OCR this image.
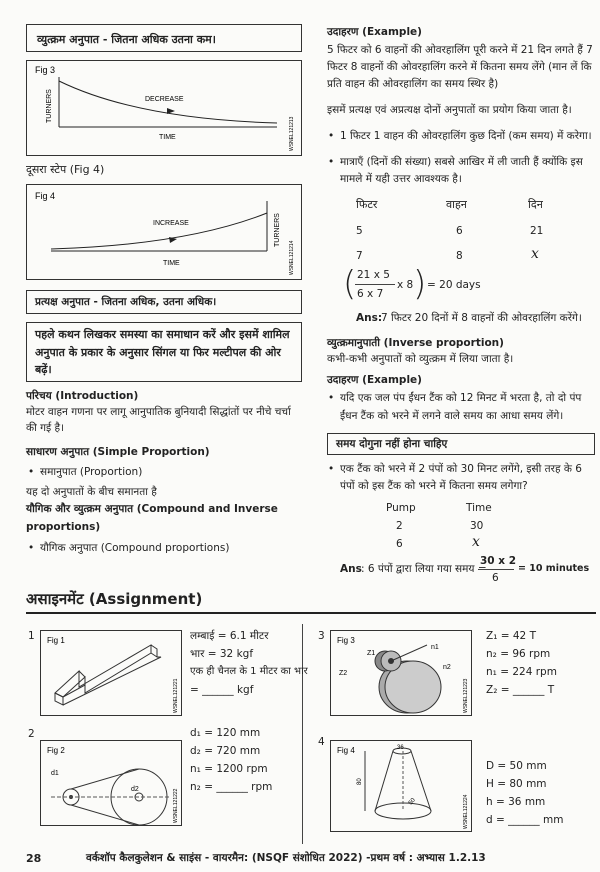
व्युत्क्रम अनुपात - जितना अधिक उतना कम।
Fig 3
DECREASE
TIME
TURNERS
WSNEL121213
दूसरा स्टेप (Fig 4)
Fig 4
INCREASE
TIME
TURNERS
WSNEL121214
प्रत्यक्ष अनुपात - जितना अधिक, उतना अधिक।
पहले कथन लिखकर समस्या का समाधान करें और इसमें शामिल अनुपात के प्रकार के अनुसार सिंगल या फिर मल्टीपल की ओर बढ़ें।
परिचय (Introduction)
मोटर वाहन गणना पर लागू आनुपातिक बुनियादी सिद्धांतों पर नीचे चर्चा की गई है।
साधारण अनुपात (Simple Proportion)
• समानुपात (Proportion)
यह दो अनुपातों के बीच समानता है
यौगिक और व्युत्क्रम अनुपात (Compound and Inverse proportions)
• यौगिक अनुपात (Compound proportions)
उदाहरण (Example)
5 फिटर को 6 वाहनों की ओवरहालिंग पूरी करने में 21 दिन लगते हैं 7 फिटर 8 वाहनों की ओवरहालिंग करने में कितना समय लेंगे (मान लें कि प्रति वाहन की ओवरहालिंग का समय स्थिर है)
इसमें प्रत्यक्ष एवं अप्रत्यक्ष दोनों अनुपातों का प्रयोग किया जाता है।
• 1 फिटर 1 वाहन की ओवरहालिंग कुछ दिनों (कम समय) में करेगा।
• मात्राएँ (दिनों की संख्या) सबसे आखिर में ली जाती हैं क्योंकि इस मामले में यही उत्तर आवश्यक है।
फिटर	वाहन	दिन
5	6	21
7	8	x
( 21 x 5
6 x 7
x 8 ) = 20 days
Ans:
7 फिटर 20 दिनों में 8 वाहनों की ओवरहालिंग करेंगे।
व्युत्क्रमानुपाती (Inverse proportion)
कभी-कभी अनुपातों को व्युत्क्रम में लिया जाता है।
उदाहरण (Example)
• यदि एक जल पंप ईंधन टैंक को 12 मिनट में भरता है, तो दो पंप ईंधन टैंक को भरने में लगने वाले समय का आधा समय लेंगे।
समय दोगुना नहीं होना चाहिए
• एक टैंक को भरने में 2 पंपों को 30 मिनट लगेंगे, इसी तरह के 6 पंपों को इस टैंक को भरने में कितना समय लगेगा?
Pump	Time
2	30
6	x
Ans : 6 पंपों द्वारा लिया गया समय =
30 x 2
6
= 10 minutes
असाइनमेंट (Assignment)
1 Fig 1
WSNEL121221
लम्बाई = 6.1 मीटर
भार = 32 kgf
एक ही चैनल के 1 मीटर का भार
= ______ kgf
2
Fig 2
d1
d2	WSNEL121222
d₁ = 120 mm
d₂ = 720 mm
n₁ = 1200 rpm
n₂ = ______ rpm
3 Fig 3
Z1
Z2
n1
n2
WSNEL121223
Z₁ = 42 T
n₂ = 96 rpm
n₁ = 224 rpm
Z₂ = ______ T
4
Fig 4
80
36
50	WSNEL121224
D = 50 mm
H = 80 mm
h = 36 mm
d = ______ mm
28	वर्कशॉप कैलकुलेशन & साइंस - वायरमैन: (NSQF संशोधित 2022) -प्रथम वर्ष : अभ्यास 1.2.13
